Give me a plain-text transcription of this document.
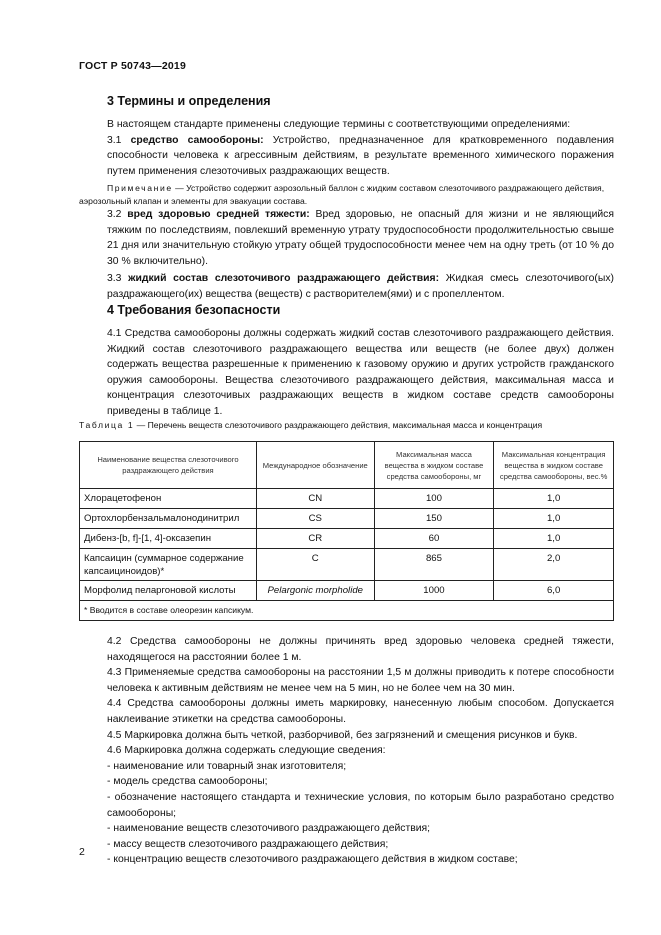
ГОСТ Р 50743—2019
3 Термины и определения

В настоящем стандарте применены следующие термины с соответствующими определениями:

3.1 средство самообороны: Устройство, предназначенное для кратковременного подавления способности человека к агрессивным действиям, в результате временного химического поражения путем применения слезоточивых раздражающих веществ.

Примечание — Устройство содержит аэрозольный баллон с жидким составом слезоточивого раздражающего действия, аэрозольный клапан и элементы для эвакуации состава.

3.2 вред здоровью средней тяжести: Вред здоровью, не опасный для жизни и не являющийся тяжким по последствиям, повлекший временную утрату трудоспособности продолжительностью свыше 21 дня или значительную стойкую утрату общей трудоспособности менее чем на одну треть (от 10 % до 30 % включительно).

3.3 жидкий состав слезоточивого раздражающего действия: Жидкая смесь слезоточивого(ых) раздражающего(их) вещества (веществ) с растворителем(ями) и с пропеллентом.

4 Требования безопасности

4.1 Средства самообороны должны содержать жидкий состав слезоточивого раздражающего действия. Жидкий состав слезоточивого раздражающего вещества или веществ (не более двух) должен содержать вещества разрешенные к применению к газовому оружию и других устройств гражданского оружия самообороны. Вещества слезоточивого раздражающего действия, максимальная масса и концентрация слезоточивых раздражающих веществ в жидком составе средств самообороны приведены в таблице 1.

Таблица 1 — Перечень веществ слезоточивого раздражающего действия, максимальная масса и концентрация
Наименование вещества слезоточивого раздражающего действия	Международное обозначение	Максимальная масса вещества в жидком составе средства самообороны, мг	Максимальная концентрация вещества в жидком составе средства самообороны, вес.%
Хлорацетофенон	CN	100	1,0
Ортохлорбензальмалонодинитрил	CS	150	1,0
Дибенз-[b, f]-[1, 4]-оксазепин	CR	60	1,0
Капсаицин (суммарное содержание капсаициноидов)*	C	865	2,0
Морфолид пеларгоновой кислоты	Pelargonic morpholide	1000	6,0
* Вводится в составе олеорезин капсикум.			

4.2 Средства самообороны не должны причинять вред здоровью человека средней тяжести, находящегося на расстоянии более 1 м.

4.3 Применяемые средства самообороны на расстоянии 1,5 м должны приводить к потере способности человека к активным действиям не менее чем на 5 мин, но не более чем на 30 мин.

4.4 Средства самообороны должны иметь маркировку, нанесенную любым способом. Допускается наклеивание этикетки на средства самообороны.

4.5 Маркировка должна быть четкой, разборчивой, без загрязнений и смещения рисунков и букв.

4.6 Маркировка должна содержать следующие сведения:

- наименование или товарный знак изготовителя;

- модель средства самообороны;

- обозначение настоящего стандарта и технические условия, по которым было разработано средство самообороны;

- наименование веществ слезоточивого раздражающего действия;

- массу веществ слезоточивого раздражающего действия;

- концентрацию веществ слезоточивого раздражающего действия в жидком составе;

2
